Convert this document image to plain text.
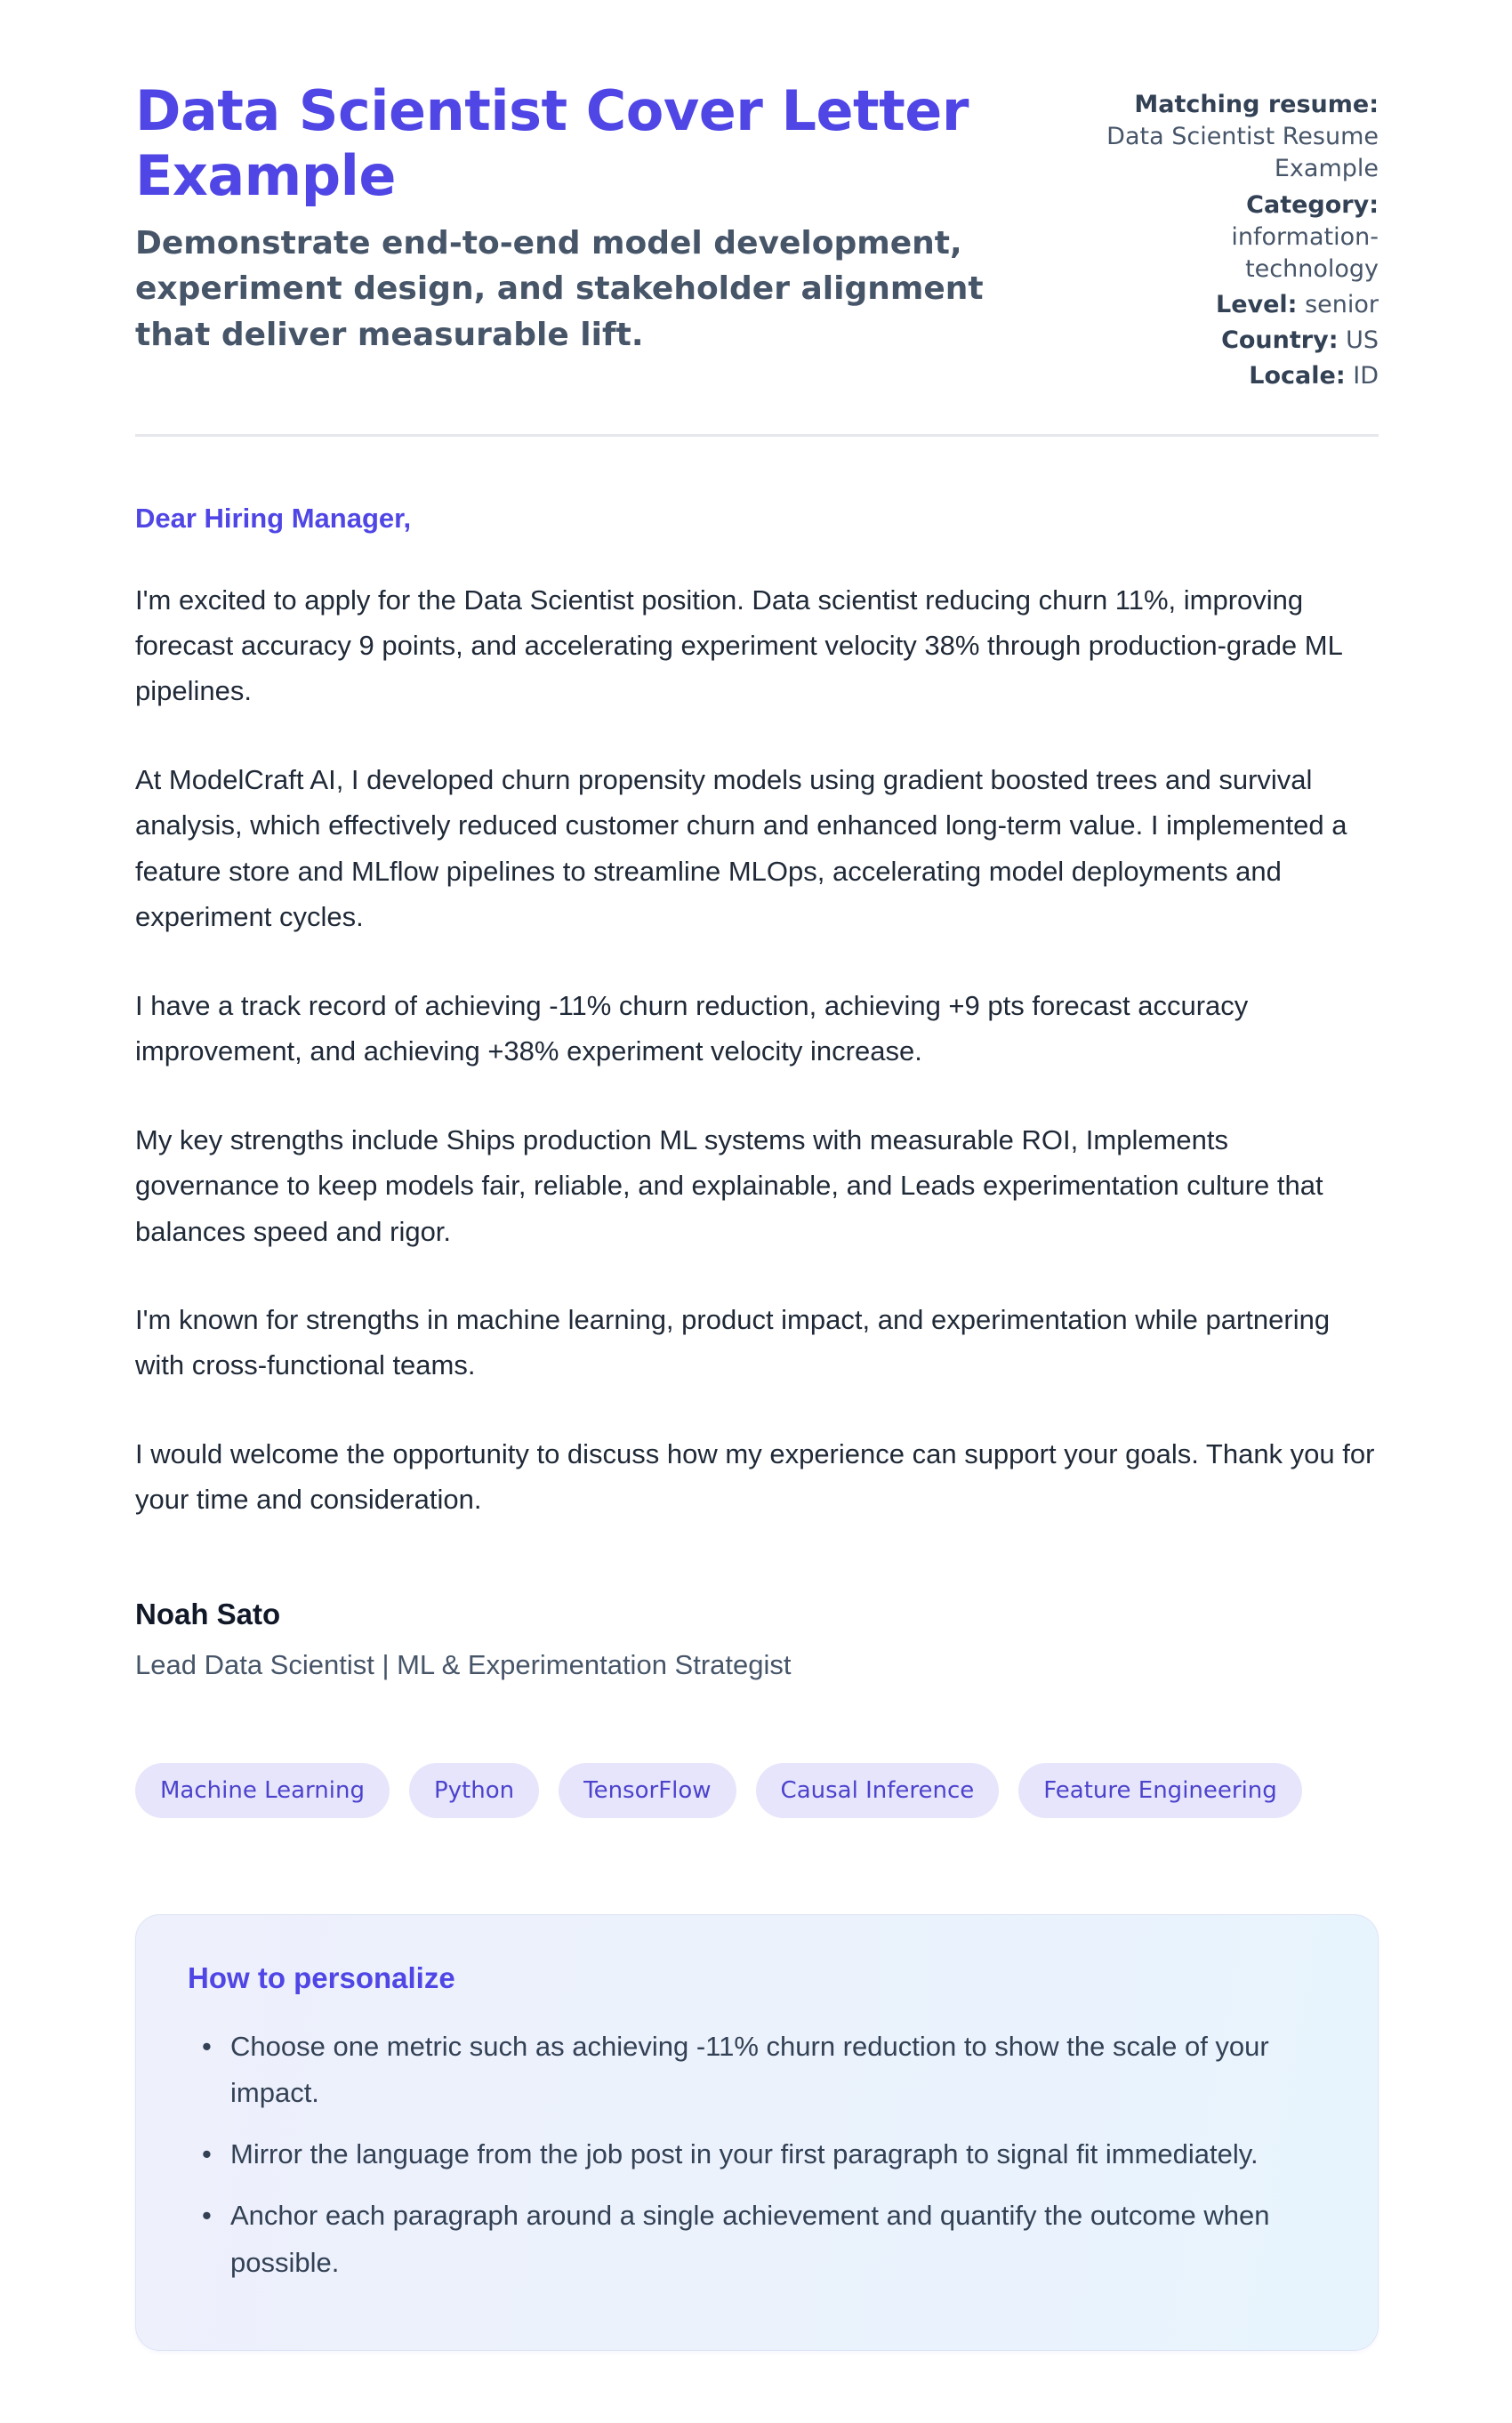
Data Scientist Cover Letter Example
Demonstrate end-to-end model development, experiment design, and stakeholder alignment that deliver measurable lift.
Matching resume:
Data Scientist Resume Example
Category:
information-technology
Level: senior
Country: US
Locale: ID
Dear Hiring Manager,

I'm excited to apply for the Data Scientist position. Data scientist reducing churn 11%, improving forecast accuracy 9 points, and accelerating experiment velocity 38% through production-grade ML pipelines.

At ModelCraft AI, I developed churn propensity models using gradient boosted trees and survival analysis, which effectively reduced customer churn and enhanced long-term value. I implemented a feature store and MLflow pipelines to streamline MLOps, accelerating model deployments and experiment cycles.

I have a track record of achieving -11% churn reduction, achieving +9 pts forecast accuracy improvement, and achieving +38% experiment velocity increase.

My key strengths include Ships production ML systems with measurable ROI, Implements governance to keep models fair, reliable, and explainable, and Leads experimentation culture that balances speed and rigor.

I'm known for strengths in machine learning, product impact, and experimentation while partnering with cross-functional teams.

I would welcome the opportunity to discuss how my experience can support your goals. Thank you for your time and consideration.

Noah Sato
Lead Data Scientist | ML & Experimentation Strategist
Machine Learning	Python	TensorFlow	Causal Inference	Feature Engineering
How to personalize
• Choose one metric such as achieving -11% churn reduction to show the scale of your impact.
• Mirror the language from the job post in your first paragraph to signal fit immediately.
• Anchor each paragraph around a single achievement and quantify the outcome when possible.
